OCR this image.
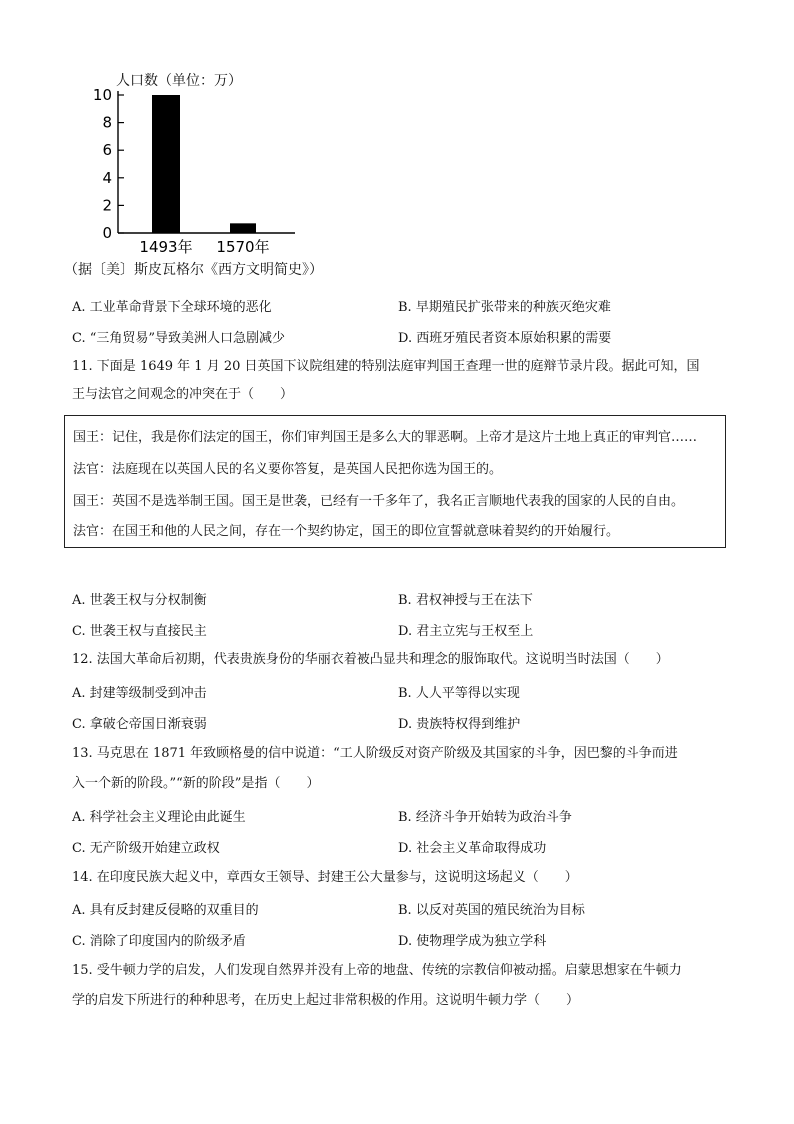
人口数（单位：万）
0
2
4
6
8
10
1493年 1570年
（据〔美〕斯皮瓦格尔《西方文明简史》）
A. 工业革命背景下全球环境的恶化	B. 早期殖民扩张带来的种族灭绝灾难
C. “三角贸易”导致美洲人口急剧减少	D. 西班牙殖民者资本原始积累的需要
11. 下面是 1649 年 1 月 20 日英国下议院组建的特别法庭审判国王查理一世的庭辩节录片段。据此可知，国
王与法官之间观念的冲突在于（　　）
国王：记住，我是你们法定的国王，你们审判国王是多么大的罪恶啊。上帝才是这片土地上真正的审判官……
法官：法庭现在以英国人民的名义要你答复，是英国人民把你选为国王的。
国王：英国不是选举制王国。国王是世袭，已经有一千多年了，我名正言顺地代表我的国家的人民的自由。
法官：在国王和他的人民之间，存在一个契约协定，国王的即位宣誓就意味着契约的开始履行。
A. 世袭王权与分权制衡	B. 君权神授与王在法下
C. 世袭王权与直接民主	D. 君主立宪与王权至上
12. 法国大革命后初期，代表贵族身份的华丽衣着被凸显共和理念的服饰取代。这说明当时法国（　　）
A. 封建等级制受到冲击	B. 人人平等得以实现
C. 拿破仑帝国日渐衰弱	D. 贵族特权得到维护
13. 马克思在 1871 年致顾格曼的信中说道：“工人阶级反对资产阶级及其国家的斗争，因巴黎的斗争而进
入一个新的阶段。”“新的阶段”是指（　　）
A. 科学社会主义理论由此诞生	B. 经济斗争开始转为政治斗争
C. 无产阶级开始建立政权	D. 社会主义革命取得成功
14. 在印度民族大起义中，章西女王领导、封建王公大量参与，这说明这场起义（　　）
A. 具有反封建反侵略的双重目的	B. 以反对英国的殖民统治为目标
C. 消除了印度国内的阶级矛盾	D. 使物理学成为独立学科
15. 受牛顿力学的启发，人们发现自然界并没有上帝的地盘、传统的宗教信仰被动摇。启蒙思想家在牛顿力
学的启发下所进行的种种思考，在历史上起过非常积极的作用。这说明牛顿力学（　　）
